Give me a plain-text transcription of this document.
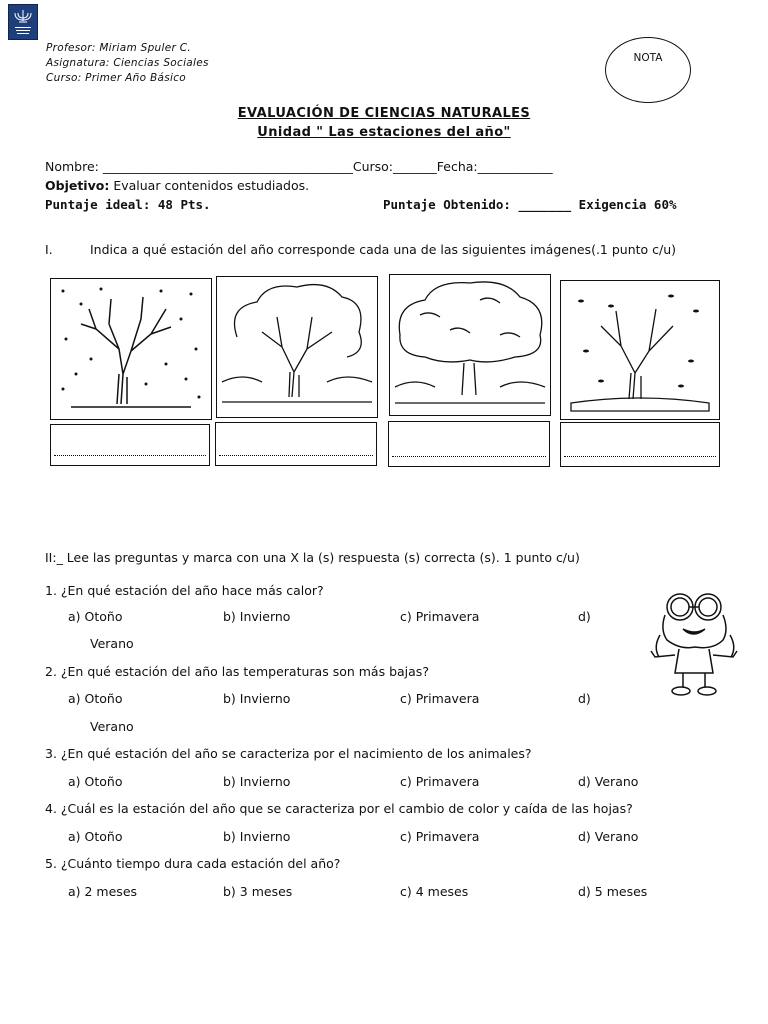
Profesor: Miriam Spuler C.
Asignatura: Ciencias Sociales
Curso: Primer Año Básico
NOTA
EVALUACIÓN DE CIENCIAS NATURALES
Unidad " Las estaciones del año"
Nombre: ________________________________________Curso:_______Fecha:____________
Objetivo: Evaluar contenidos estudiados.
Puntaje ideal: 48 Pts.	Puntaje Obtenido: _______ Exigencia 60%
I.	Indica a qué estación del año corresponde cada una de las siguientes imágenes(.1 punto c/u)
II:_ Lee las preguntas y marca con una X la (s) respuesta (s) correcta (s). 1 punto c/u)
1. ¿En qué estación del año hace más calor?
a) Otoño	b) Invierno	c) Primavera	d)
Verano
2. ¿En qué estación del año las temperaturas son más bajas?
a) Otoño	b) Invierno	c) Primavera	d)
Verano
3. ¿En qué estación del año se caracteriza por el nacimiento de los animales?
a) Otoño	b) Invierno	c) Primavera	d) Verano
4. ¿Cuál es la estación del año que se caracteriza por el cambio de color y caída de las hojas?
a) Otoño	b) Invierno	c) Primavera	d) Verano
5. ¿Cuánto tiempo dura cada estación del año?
a) 2 meses	b) 3 meses	c) 4 meses	d) 5 meses
